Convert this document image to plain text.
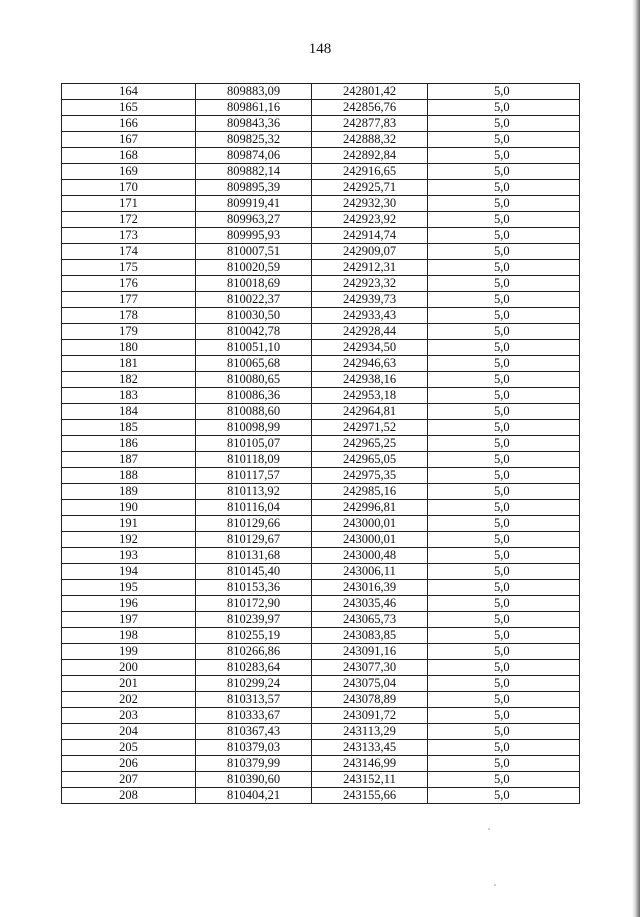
148
164	809883,09	242801,42	5,0
165	809861,16	242856,76	5,0
166	809843,36	242877,83	5,0
167	809825,32	242888,32	5,0
168	809874,06	242892,84	5,0
169	809882,14	242916,65	5,0
170	809895,39	242925,71	5,0
171	809919,41	242932,30	5,0
172	809963,27	242923,92	5,0
173	809995,93	242914,74	5,0
174	810007,51	242909,07	5,0
175	810020,59	242912,31	5,0
176	810018,69	242923,32	5,0
177	810022,37	242939,73	5,0
178	810030,50	242933,43	5,0
179	810042,78	242928,44	5,0
180	810051,10	242934,50	5,0
181	810065,68	242946,63	5,0
182	810080,65	242938,16	5,0
183	810086,36	242953,18	5,0
184	810088,60	242964,81	5,0
185	810098,99	242971,52	5,0
186	810105,07	242965,25	5,0
187	810118,09	242965,05	5,0
188	810117,57	242975,35	5,0
189	810113,92	242985,16	5,0
190	810116,04	242996,81	5,0
191	810129,66	243000,01	5,0
192	810129,67	243000,01	5,0
193	810131,68	243000,48	5,0
194	810145,40	243006,11	5,0
195	810153,36	243016,39	5,0
196	810172,90	243035,46	5,0
197	810239,97	243065,73	5,0
198	810255,19	243083,85	5,0
199	810266,86	243091,16	5,0
200	810283,64	243077,30	5,0
201	810299,24	243075,04	5,0
202	810313,57	243078,89	5,0
203	810333,67	243091,72	5,0
204	810367,43	243113,29	5,0
205	810379,03	243133,45	5,0
206	810379,99	243146,99	5,0
207	810390,60	243152,11	5,0
208	810404,21	243155,66	5,0
